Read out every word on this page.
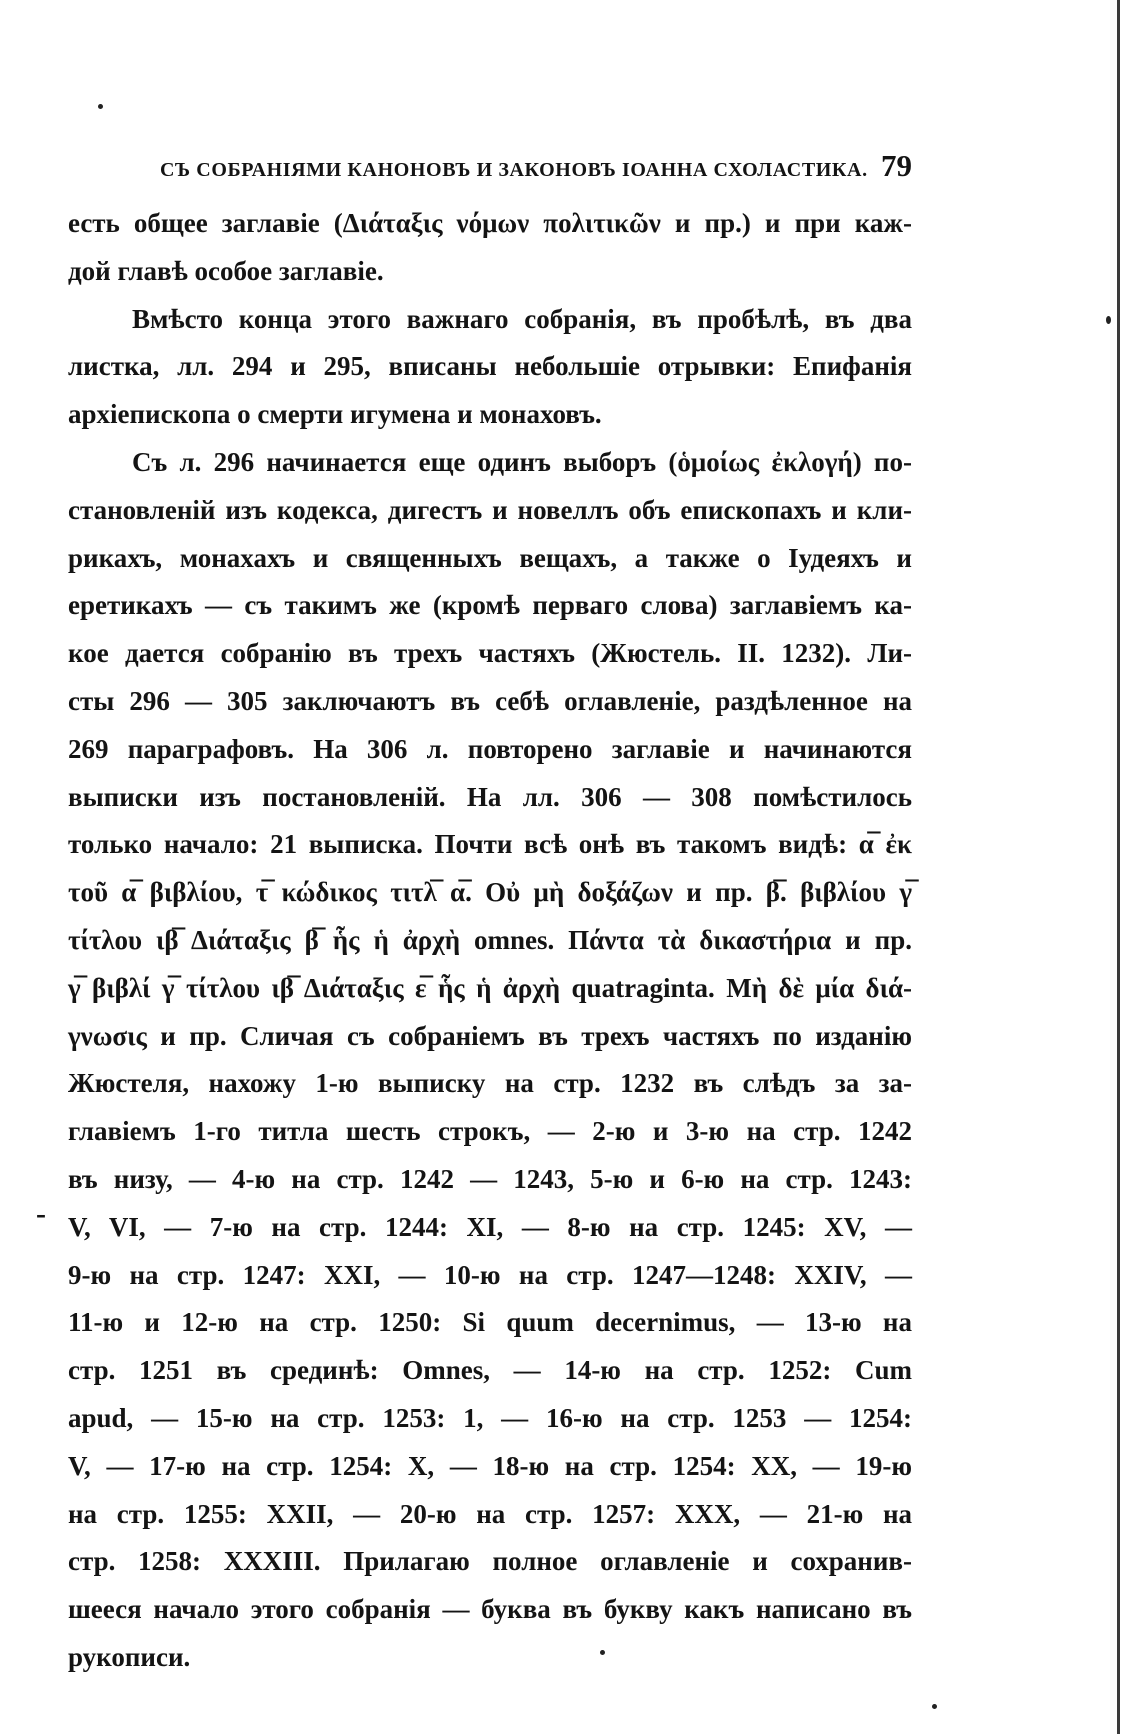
СЪ СОБРАНІЯМИ КАНОНОВЪ И ЗАКОНОВЪ ІОАННА СХОЛАСТИКА. 79
-
есть общее заглавіе (Διάταξις νόμων πολιτικῶν и пр.) и при каж-
дой главѣ особое заглавіе.
Вмѣсто конца этого важнаго собранія, въ пробѣлѣ, въ два
листка, лл. 294 и 295, вписаны небольшіе отрывки: Епифанія
архіепископа о смерти игумена и монаховъ.
Съ л. 296 начинается еще одинъ выборъ (ὁμοίως ἐκλογή) по-
становленій изъ кодекса, дигестъ и новеллъ объ епископахъ и кли-
рикахъ, монахахъ и священныхъ вещахъ, а также о Іудеяхъ и
еретикахъ — съ такимъ же (кромѣ перваго слова) заглавіемъ ка-
кое дается собранію въ трехъ частяхъ (Жюстель. II. 1232). Ли-
сты 296 — 305 заключаютъ въ себѣ оглавленіе, раздѣленное на
269 параграфовъ. На 306 л. повторено заглавіе и начинаются
выписки изъ постановленій. На лл. 306 — 308 помѣстилось
только начало: 21 выписка. Почти всѣ онѣ въ такомъ видѣ: α̅ ἐκ
τοῦ α̅ βιβλίου, τ̅ κώδικος τιτλ̅ α̅. Οὐ μὴ δοξάζων и пр. β̅. βιβλίου γ̅
τίτλου ιβ̅ Διάταξις β̅ ἧς ἡ ἀρχὴ omnes. Πάντα τὰ δικαστήρια и пр.
γ̅ βιβλί γ̅ τίτλου ιβ̅ Διάταξις ε̅ ἧς ἡ ἀρχὴ quatraginta. Μὴ δὲ μία διά-
γνωσις и пр. Сличая съ собраніемъ въ трехъ частяхъ по изданію
Жюстеля, нахожу 1-ю выписку на стр. 1232 въ слѣдъ за за-
главіемъ 1-го титла шесть строкъ, — 2-ю и 3-ю на стр. 1242
въ низу, — 4-ю на стр. 1242 — 1243, 5-ю и 6-ю на стр. 1243:
V, VI, — 7-ю на стр. 1244: XI, — 8-ю на стр. 1245: XV, —
9-ю на стр. 1247: XXI, — 10-ю на стр. 1247—1248: XXIV, —
11-ю и 12-ю на стр. 1250: Si quum decernimus, — 13-ю на
стр. 1251 въ срединѣ: Omnes, — 14-ю на стр. 1252: Cum
apud, — 15-ю на стр. 1253: 1, — 16-ю на стр. 1253 — 1254:
V, — 17-ю на стр. 1254: X, — 18-ю на стр. 1254: XX, — 19-ю
на стр. 1255: XXII, — 20-ю на стр. 1257: XXX, — 21-ю на
стр. 1258: XXXIII. Прилагаю полное оглавленіе и сохранив-
шееся начало этого собранія — буква въ букву какъ написано въ
рукописи.
